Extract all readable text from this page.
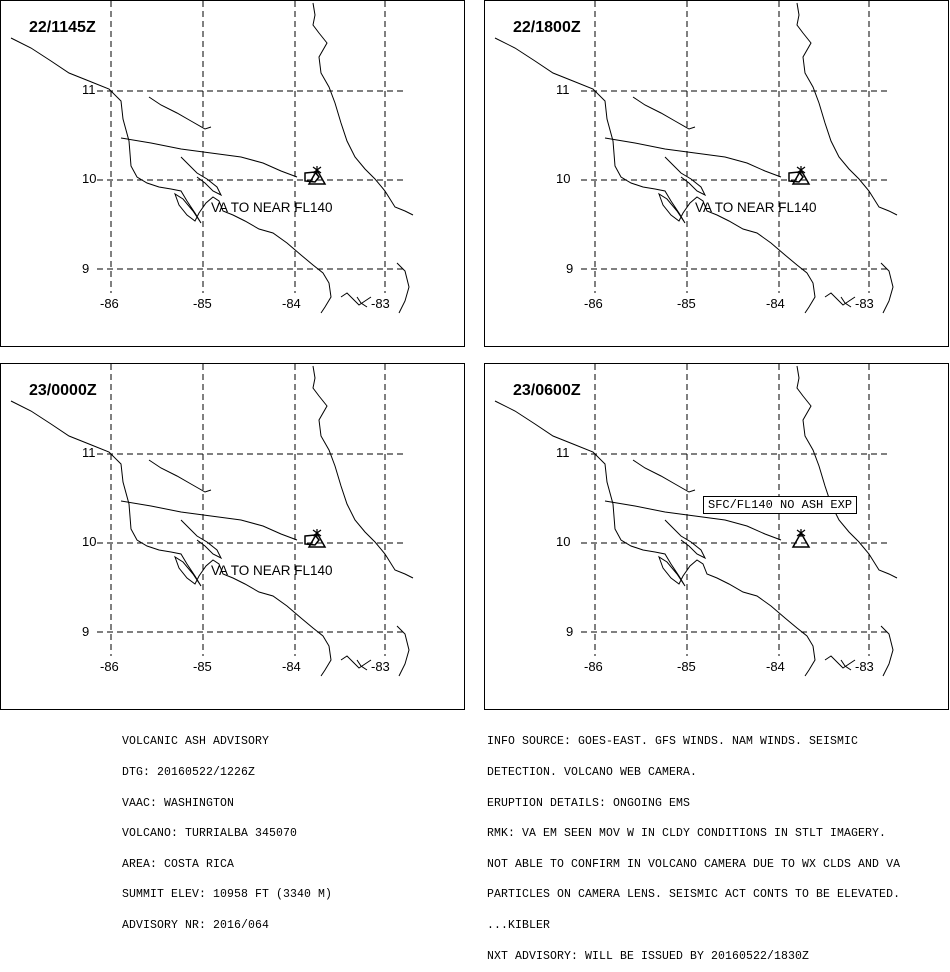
22/1145Z
11
10
9
-86	-85	-84	-83
VA TO NEAR FL140
22/1800Z
11
10
9
-86	-85	-84	-83
VA TO NEAR FL140
23/0000Z
11
10
9
-86	-85	-84	-83
VA TO NEAR FL140
23/0600Z
11
10
9
-86	-85	-84	-83
SFC/FL140 NO ASH EXP

VOLCANIC ASH ADVISORY

DTG: 20160522/1226Z

VAAC: WASHINGTON

VOLCANO: TURRIALBA 345070

AREA: COSTA RICA

SUMMIT ELEV: 10958 FT (3340 M)

ADVISORY NR: 2016/064

INFO SOURCE: GOES-EAST. GFS WINDS. NAM WINDS. SEISMIC

DETECTION. VOLCANO WEB CAMERA.

ERUPTION DETAILS: ONGOING EMS

RMK: VA EM SEEN MOV W IN CLDY CONDITIONS IN STLT IMAGERY.

NOT ABLE TO CONFIRM IN VOLCANO CAMERA DUE TO WX CLDS AND VA

PARTICLES ON CAMERA LENS. SEISMIC ACT CONTS TO BE ELEVATED.

...KIBLER

NXT ADVISORY: WILL BE ISSUED BY 20160522/1830Z
